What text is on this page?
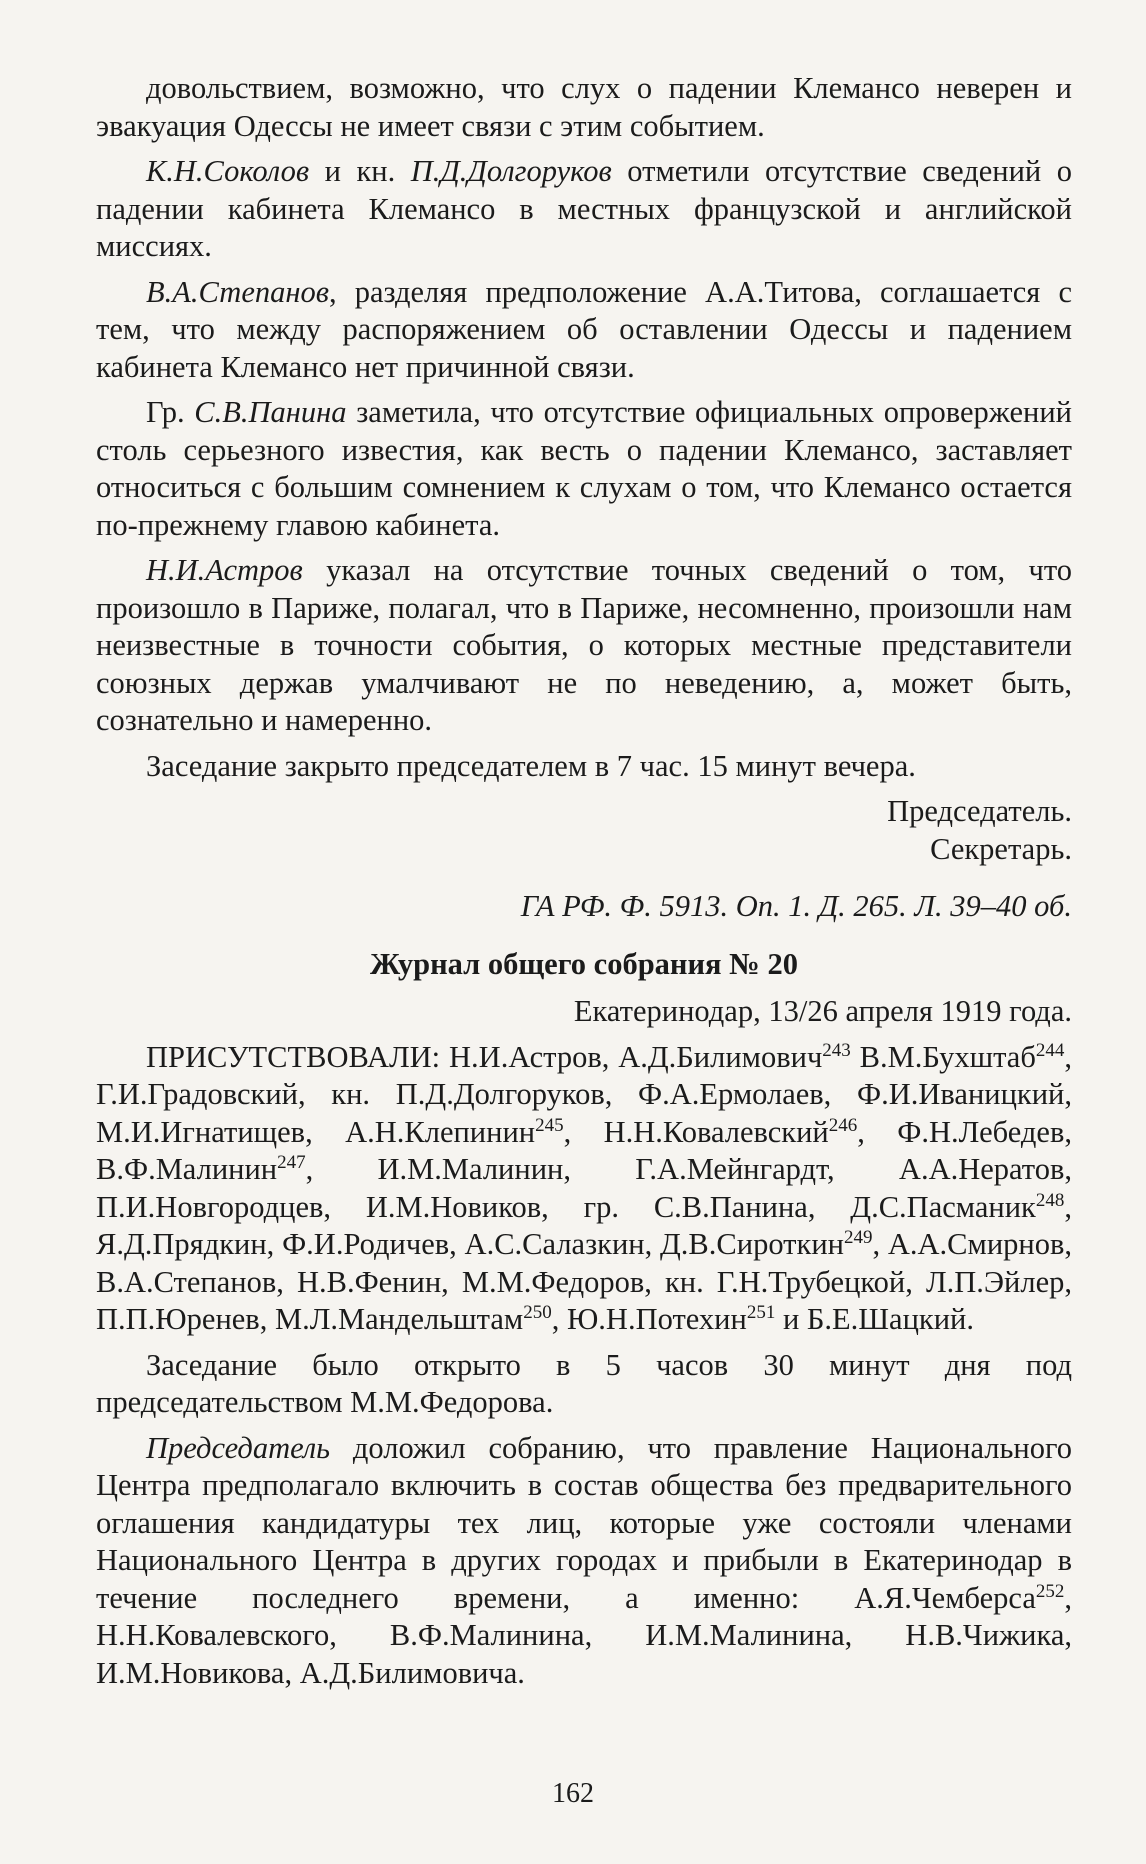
довольствием, возможно, что слух о падении Клемансо неверен и эвакуация Одессы не имеет связи с этим событием.

К.Н.Соколов и кн. П.Д.Долгоруков отметили отсутствие сведений о падении кабинета Клемансо в местных французской и английской миссиях.

В.А.Степанов, разделяя предположение А.А.Титова, соглашается с тем, что между распоряжением об оставлении Одессы и падением кабинета Клемансо нет причинной связи.

Гр. С.В.Панина заметила, что отсутствие официальных опровержений столь серьезного известия, как весть о падении Клемансо, заставляет относиться с большим сомнением к слухам о том, что Клемансо остается по-прежнему главою кабинета.

Н.И.Астров указал на отсутствие точных сведений о том, что произошло в Париже, полагал, что в Париже, несомненно, произошли нам неизвестные в точности события, о которых местные представители союзных держав умалчивают не по неведению, а, может быть, сознательно и намеренно.

Заседание закрыто председателем в 7 час. 15 минут вечера.

Председатель.

Секретарь.

ГА РФ. Ф. 5913. Оп. 1. Д. 265. Л. 39–40 об.

Журнал общего собрания № 20

Екатеринодар, 13/26 апреля 1919 года.

ПРИСУТСТВОВАЛИ: Н.И.Астров, А.Д.Билимович$^{243}$ В.М.Бухштаб$^{244}$, Г.И.Градовский, кн. П.Д.Долгоруков, Ф.А.Ермолаев, Ф.И.Иваницкий, М.И.Игнатищев, А.Н.Клепинин$^{245}$, Н.Н.Ковалевский$^{246}$, Ф.Н.Лебедев, В.Ф.Малинин$^{247}$, И.М.Малинин, Г.А.Мейнгардт, А.А.Нератов, П.И.Новгородцев, И.М.Новиков, гр. С.В.Панина, Д.С.Пасманик$^{248}$, Я.Д.Прядкин, Ф.И.Родичев, А.С.Салазкин, Д.В.Сироткин$^{249}$, А.А.Смирнов, В.А.Степанов, Н.В.Фенин, М.М.Федоров, кн. Г.Н.Трубецкой, Л.П.Эйлер, П.П.Юренев, М.Л.Мандельштам$^{250}$, Ю.Н.Потехин$^{251}$ и Б.Е.Шацкий.

Заседание было открыто в 5 часов 30 минут дня под председательством М.М.Федорова.

Председатель доложил собранию, что правление Национального Центра предполагало включить в состав общества без предварительного оглашения кандидатуры тех лиц, которые уже состояли членами Национального Центра в других городах и прибыли в Екатеринодар в течение последнего времени, а именно: А.Я.Чемберса$^{252}$, Н.Н.Ковалевского, В.Ф.Малинина, И.М.Малинина, Н.В.Чижика, И.М.Новикова, А.Д.Билимовича.

162
